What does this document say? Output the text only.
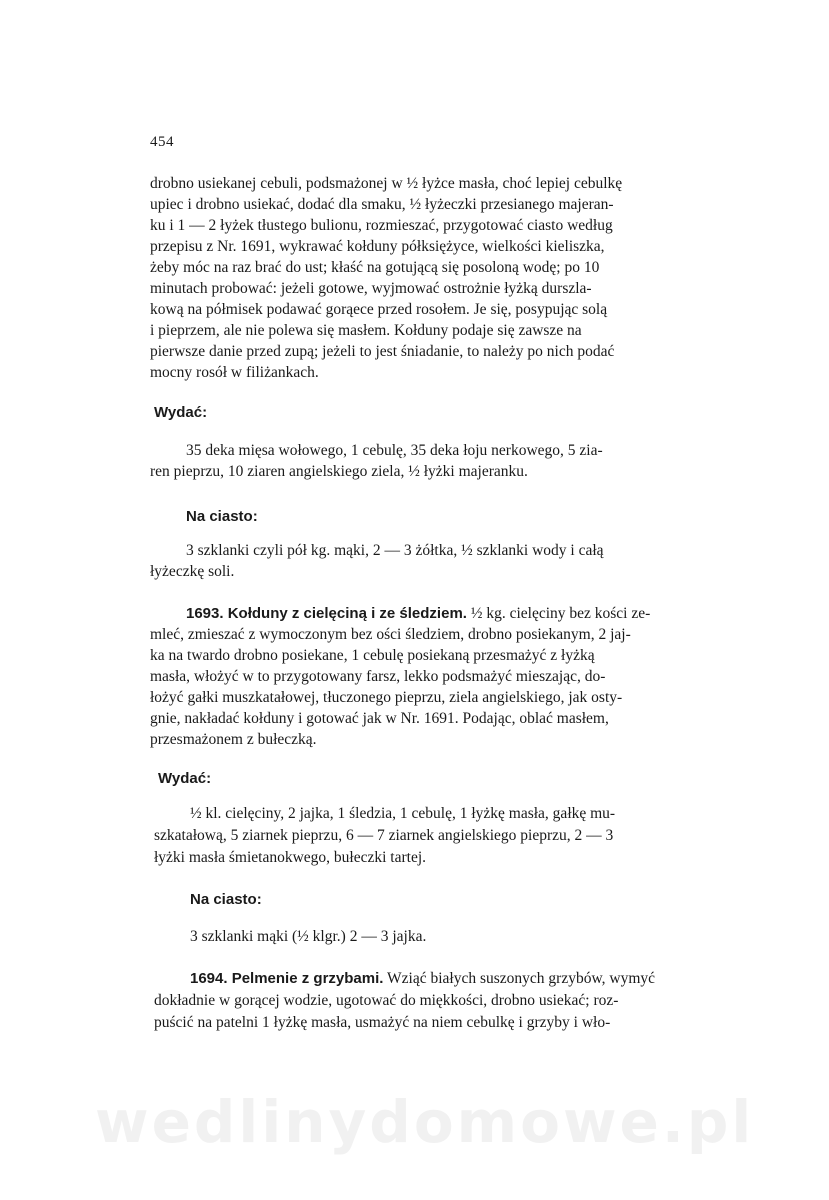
454
drobno usiekanej cebuli, podsmażonej w ½ łyżce masła, choć lepiej cebulkę
upiec i drobno usiekać, dodać dla smaku, ½ łyżeczki przesianego majeran-
ku i 1 — 2 łyżek tłustego bulionu, rozmieszać, przygotować ciasto według
przepisu z Nr. 1691, wykrawać kołduny półksiężyce, wielkości kieliszka,
żeby móc na raz brać do ust; kłaść na gotującą się posoloną wodę; po 10
minutach probować: jeżeli gotowe, wyjmować ostrożnie łyżką durszla-
kową na półmisek podawać gorąece przed rosołem. Je się, posypując solą
i pieprzem, ale nie polewa się masłem. Kołduny podaje się zawsze na
pierwsze danie przed zupą; jeżeli to jest śniadanie, to należy po nich podać
mocny rosół w filiżankach.
Wydać:
35 deka mięsa wołowego, 1 cebulę, 35 deka łoju nerkowego, 5 zia-
ren pieprzu, 10 ziaren angielskiego ziela, ½ łyżki majeranku.
Na ciasto:
3 szklanki czyli pół kg. mąki, 2 — 3 żółtka, ½ szklanki wody i całą
łyżeczkę soli.
1693. Kołduny z cielęciną i ze śledziem. ½ kg. cielęciny bez kości ze-
mleć, zmieszać z wymoczonym bez ości śledziem, drobno posiekanym, 2 jaj-
ka na twardo drobno posiekane, 1 cebulę posiekaną przesmażyć z łyżką
masła, włożyć w to przygotowany farsz, lekko podsmażyć mieszając, do-
łożyć gałki muszkatałowej, tłuczonego pieprzu, ziela angielskiego, jak osty-
gnie, nakładać kołduny i gotować jak w Nr. 1691. Podając, oblać masłem,
przesmażonem z bułeczką.
Wydać:
½ kl. cielęciny, 2 jajka, 1 śledzia, 1 cebulę, 1 łyżkę masła, gałkę mu-
szkatałową, 5 ziarnek pieprzu, 6 — 7 ziarnek angielskiego pieprzu, 2 — 3
łyżki masła śmietanokwego, bułeczki tartej.
Na ciasto:
3 szklanki mąki (½ klgr.) 2 — 3 jajka.
1694. Pelmenie z grzybami. Wziąć białych suszonych grzybów, wymyć
dokładnie w gorącej wodzie, ugotować do miękkości, drobno usiekać; roz-
puścić na patelni 1 łyżkę masła, usmażyć na niem cebulkę i grzyby i wło-
wedlinydomowe.pl
